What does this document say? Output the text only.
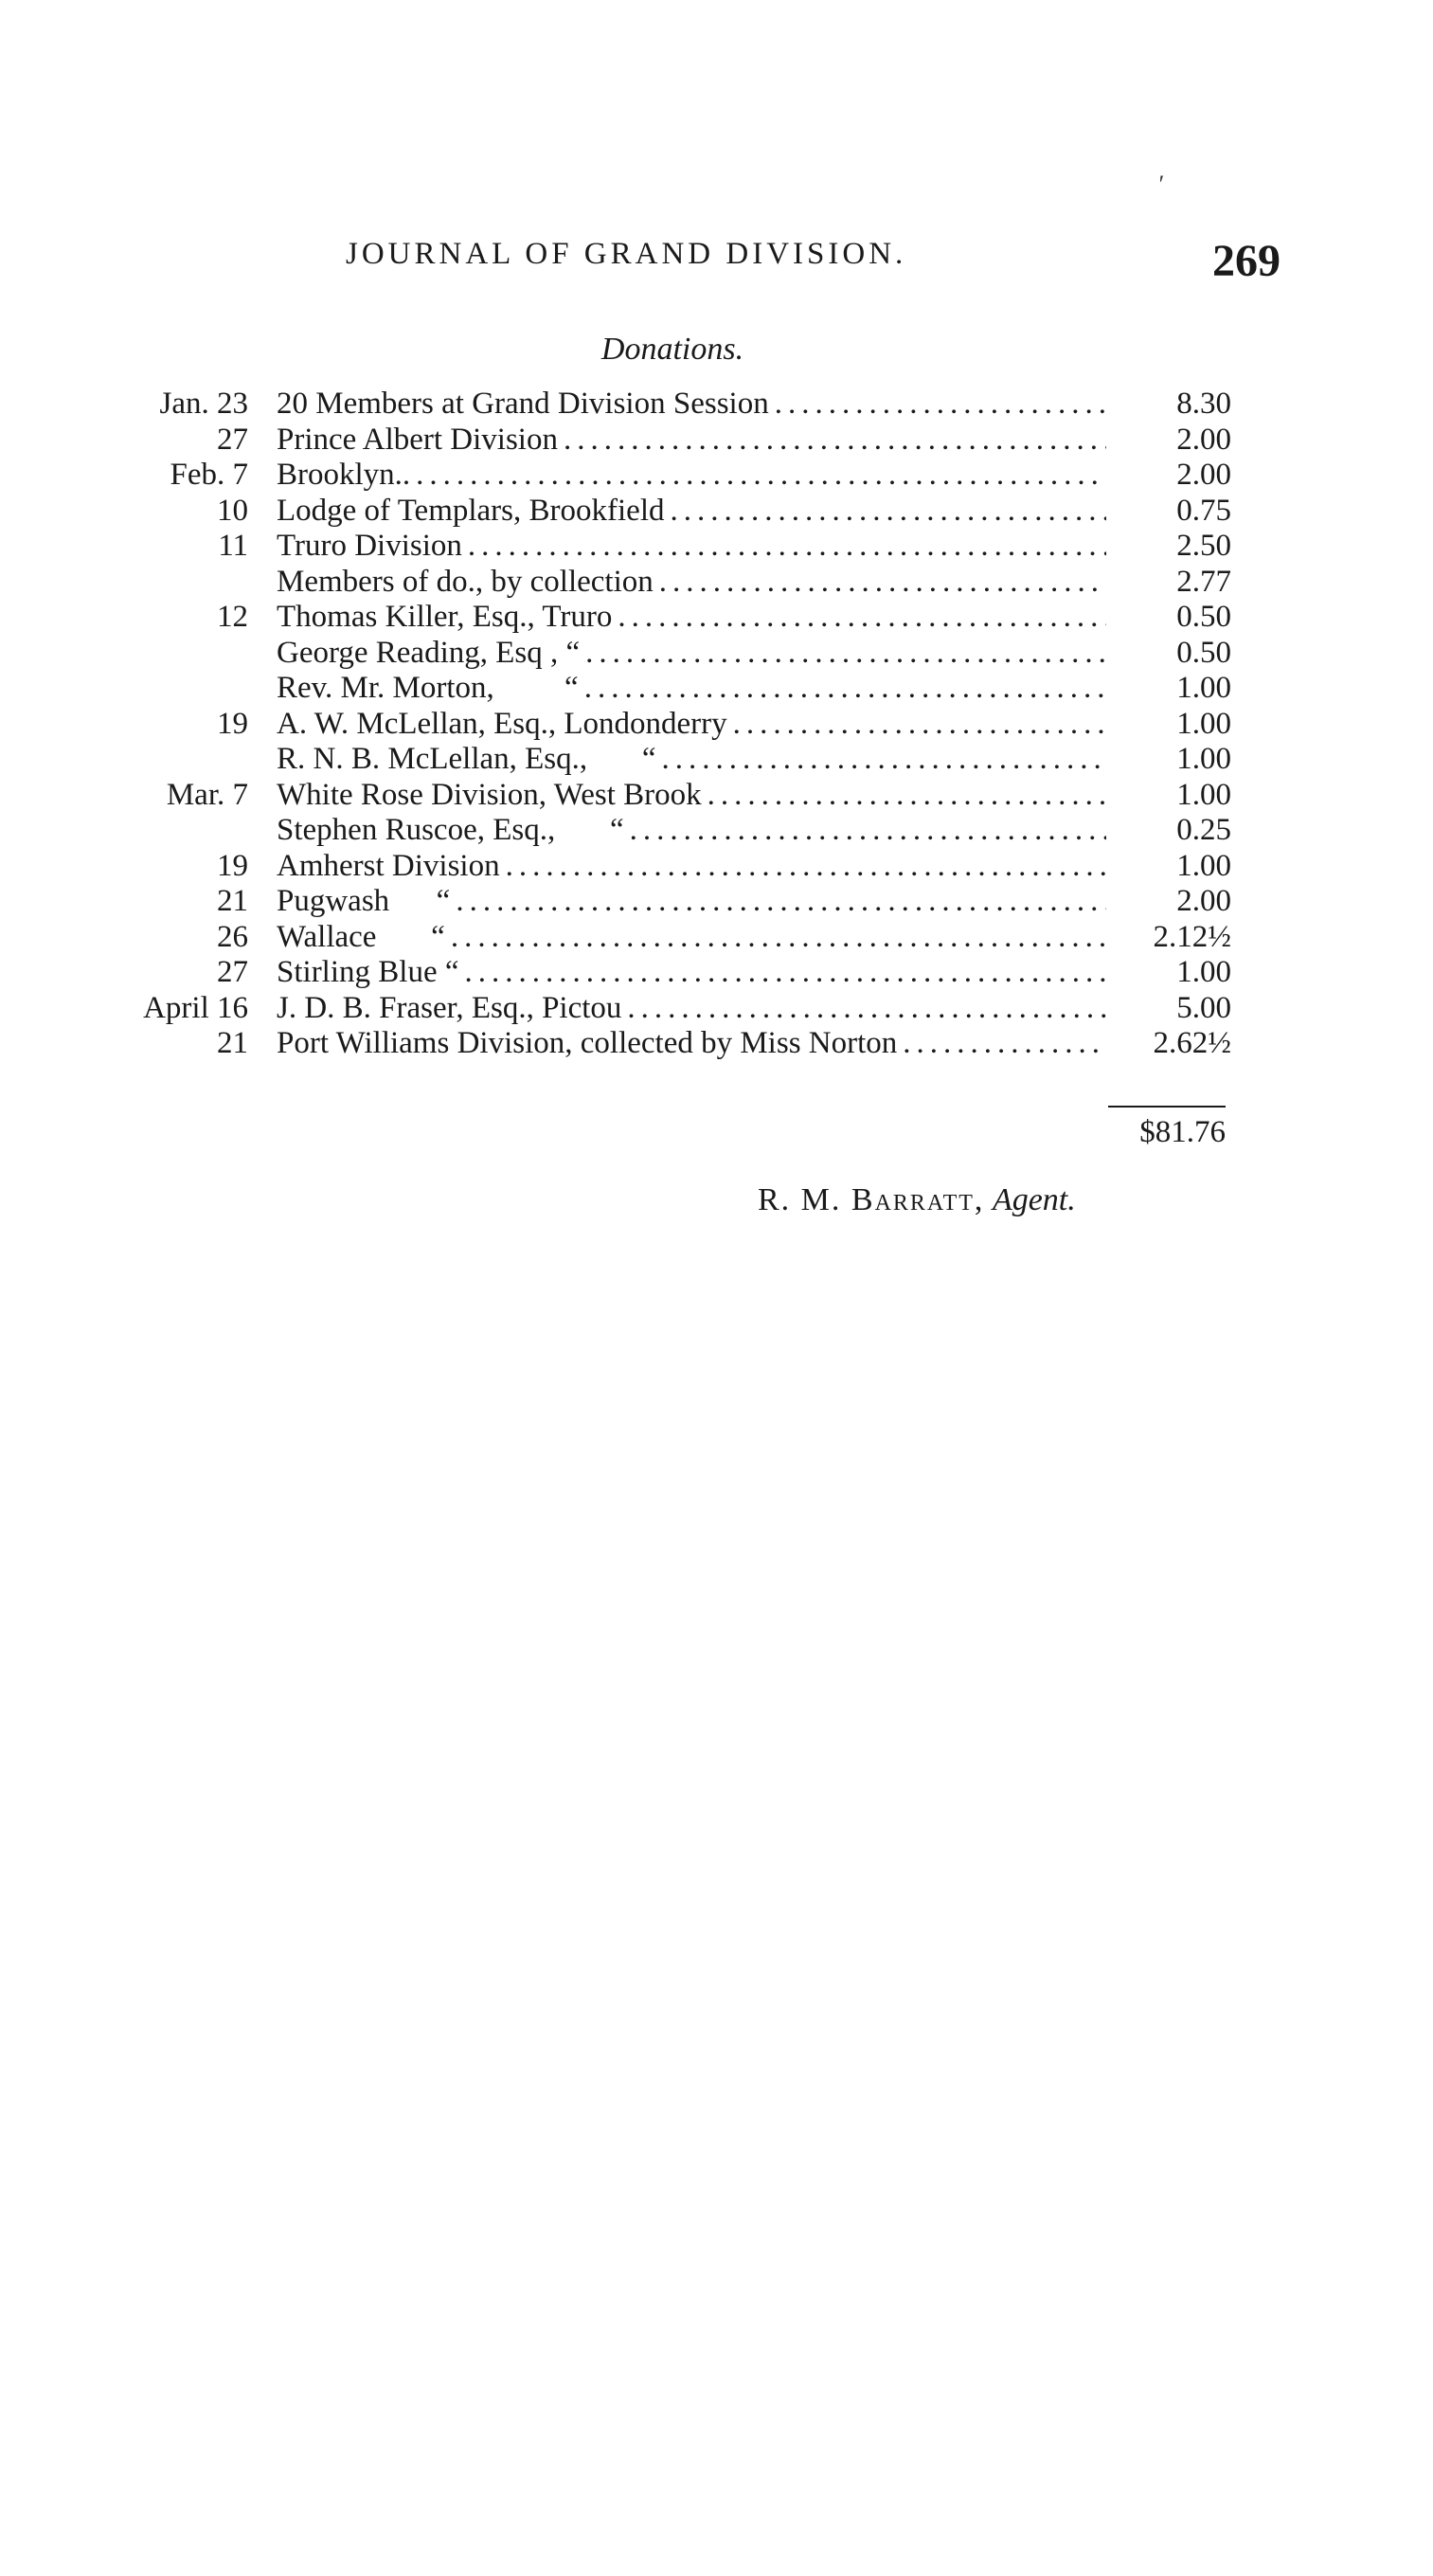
′
JOURNAL OF GRAND DIVISION.	269
Donations.
Jan. 23 20 Members at Grand Division Session .....	8.30
27 Prince Albert Division .....	2.00
Feb. 7 Brooklyn.. .....	2.00
10 Lodge of Templars, Brookfield .....	0.75
11 Truro Division .....	2.50
Members of do., by collection .....	2.77
12 Thomas Killer, Esq., Truro .....	0.50
George Reading, Esq , “ .....	0.50
Rev. Mr. Morton,         “ .....	1.00
19 A. W. McLellan, Esq., Londonderry .....	1.00
R. N. B. McLellan, Esq.,       “ .....	1.00
Mar. 7 White Rose Division, West Brook .....	1.00
Stephen Ruscoe, Esq.,       “ .....	0.25
19 Amherst Division .....	1.00
21 Pugwash      “ .....	2.00
26 Wallace       “ .....	2.12½
27 Stirling Blue “ .....	1.00
April 16 J. D. B. Fraser, Esq., Pictou .....	5.00
21 Port Williams Division, collected by Miss Norton .....	2.62½
$81.76
R. M. Barratt, Agent.
